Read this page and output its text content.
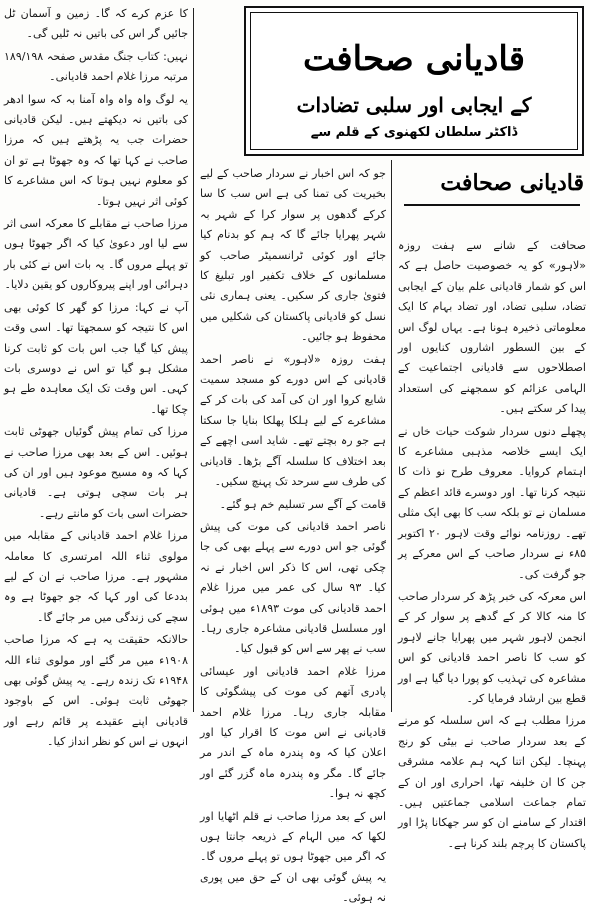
قادیانی صحافت
کے ایجابی اور سلبی تضادات
ڈاکٹر سلطان لکھنوی کے قلم سے
قادیانی صحافت

صحافت کے شانے سے ہفت روزہ «لاہور» کو یہ خصوصیت حاصل ہے کہ اس کو شمار قادیانی علم بیان کے ایجابی تضاد، سلبی تضاد، اور تضاد بہام کا ایک معلوماتی ذخیرہ ہونا ہے۔ یہاں لوگ اس کے بین السطور اشاروں کنایوں اور اصطلاحوں سے قادیانی اجتماعیت کے الہامی عزائم کو سمجھنے کی استعداد پیدا کر سکتے ہیں۔

پچھلے دنوں سردار شوکت حیات خاں نے ایک ایسے خلاصہ مذہبی مشاعرے کا اہتمام کروایا۔ معروف طرح نو ذات کا نتیجہ کرنا تھا۔ اور دوسرے قائد اعظم کے مسلمان نے تو بلکہ سب کا بھی ایک مثلی تھے۔ روزنامہ نوائے وقت لاہور ۲۰ اکتوبر ۸۵ء نے سردار صاحب کے اس معرکے پر جو گرفت کی۔

اس معرکہ کی خبر پڑھ کر سردار صاحب کا منہ کالا کر کے گدھے پر سوار کر کے انجمن لاہور شہر میں پھرایا جانے لاہور کو سب کا ناصر احمد قادیانی کو اس مشاعرہ کی تہذیب کو پورا دیا گیا ہے اور قطع بین ارشاد فرمایا کر۔

مرزا مطلب ہے کہ اس سلسلہ کو مرنے کے بعد سردار صاحب نے بیٹی کو رنج پہنچا۔ لیکن اتنا کہہ ہم علامہ مشرقی جن کا ان خلیفہ تھا، احراری اور ان کے تمام جماعت اسلامی جماعتیں ہیں۔ اقتدار کے سامنے ان کو سر جھکانا پڑا اور پاکستان کا پرچم بلند کرنا ہے۔

جو کہ اس اخبار نے سردار صاحب کے لیے بخیریت کی تمنا کی ہے اس سب کا سا کرکے گدھوں پر سوار کرا کے شہر بہ شہر پھرایا جائے گا کہ ہم کو بدنام کیا جائے اور کوئی ٹرانسمیٹر صاحب کو مسلمانوں کے خلاف تکفیر اور تبلیغ کا فتویٰ جاری کر سکیں۔ یعنی ہماری نئی نسل کو قادیانی پاکستان کی شکلیں میں محفوظ ہو جائیں۔

ہفت روزہ «لاہور» نے ناصر احمد قادیانی کے اس دورے کو مسجد سمیت شایع کروا اور ان کی آمد کی بات کر کے مشاعرے کے لیے ہلکا پھلکا بنایا جا سکتا ہے جو رہ بچتے تھے۔ شاید اسی اچھے کے بعد اختلاف کا سلسلہ آگے بڑھا۔ قادیانی کی طرف سے سرحد تک پہنچ سکیں۔

قامت کے آگے سر تسلیم خم ہو گئے۔

ناصر احمد قادیانی کی موت کی پیش گوئی جو اس دورے سے پہلے بھی کی جا چکی تھی، اس کا ذکر اس اخبار نے نہ کیا۔ ۹۳ سال کی عمر میں مرزا غلام احمد قادیانی کی موت ۱۸۹۳ء میں ہوئی اور مسلسل قادیانی مشاعرہ جاری رہا۔ سب نے پھر سے اس کو قبول کیا۔

مرزا غلام احمد قادیانی اور عیسائی پادری آتھم کی موت کی پیشگوئی کا مقابلہ جاری رہا۔ مرزا غلام احمد قادیانی نے اس موت کا اقرار کیا اور اعلان کیا کہ وہ پندرہ ماہ کے اندر مر جائے گا۔ مگر وہ پندرہ ماہ گزر گئے اور کچھ نہ ہوا۔

اس کے بعد مرزا صاحب نے قلم اٹھایا اور لکھا کہ میں الہام کے ذریعہ جانتا ہوں کہ اگر میں جھوٹا ہوں تو پہلے مروں گا۔ یہ پیش گوئی بھی ان کے حق میں پوری نہ ہوئی۔

کا عزم کرے کہ گا۔ زمین و آسمان ٹل جائیں گر اس کی باتیں نہ ٹلیں گی۔

نہیں: کتاب جنگ مقدس صفحہ ۱۸۹/۱۹۸ مرتبہ مرزا غلام احمد قادیانی۔

یہ لوگ واہ واہ واہ آمنا بہ کہ سوا ادھر کی باتیں نہ دیکھتے ہیں۔ لیکن قادیانی حضرات جب یہ پڑھتے ہیں کہ مرزا صاحب نے کہا تھا کہ وہ جھوٹا ہے تو ان کو معلوم نہیں ہوتا کہ اس مشاعرے کا کوئی اثر نہیں ہوتا۔

مرزا صاحب نے مقابلے کا معرکہ اسی اثر سے لیا اور دعویٰ کیا کہ اگر جھوٹا ہوں تو پہلے مروں گا۔ یہ بات اس نے کئی بار دہرائی اور اپنے پیروکاروں کو یقین دلایا۔

آپ نے کہا: مرزا کو گھر کا کوئی بھی اس کا نتیجہ کو سمجھتا تھا۔ اسی وقت پیش کیا گیا جب اس بات کو ثابت کرنا مشکل ہو گیا تو اس نے دوسری بات کہی۔ اس وقت تک ایک معاہدہ طے ہو چکا تھا۔

مرزا کی تمام پیش گوئیاں جھوٹی ثابت ہوئیں۔ اس کے بعد بھی مرزا صاحب نے کہا کہ وہ مسیح موعود ہیں اور ان کی ہر بات سچی ہوتی ہے۔ قادیانی حضرات اسی بات کو مانتے رہے۔

مرزا غلام احمد قادیانی کے مقابلہ میں مولوی ثناء اللہ امرتسری کا معاملہ مشہور ہے۔ مرزا صاحب نے ان کے لیے بددعا کی اور کہا کہ جو جھوٹا ہے وہ سچے کی زندگی میں مر جائے گا۔

حالانکہ حقیقت یہ ہے کہ مرزا صاحب ۱۹۰۸ء میں مر گئے اور مولوی ثناء اللہ ۱۹۴۸ء تک زندہ رہے۔ یہ پیش گوئی بھی جھوٹی ثابت ہوئی۔ اس کے باوجود قادیانی اپنے عقیدے پر قائم رہے اور انہوں نے اس کو نظر انداز کیا۔
